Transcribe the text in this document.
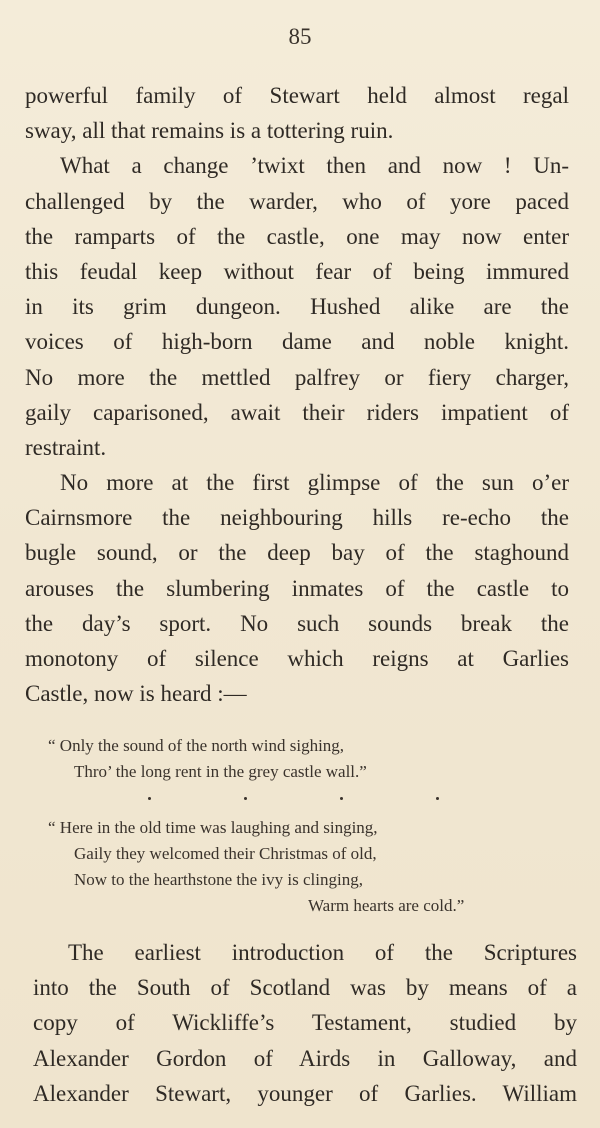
85
powerful family of Stewart held almost regal
sway, all that remains is a tottering ruin.
What a change ’twixt then and now ! Un-
challenged by the warder, who of yore paced
the ramparts of the castle, one may now enter
this feudal keep without fear of being immured
in its grim dungeon. Hushed alike are the
voices of high-born dame and noble knight.
No more the mettled palfrey or fiery charger,
gaily caparisoned, await their riders impatient of
restraint.
No more at the first glimpse of the sun o’er
Cairnsmore the neighbouring hills re-echo the
bugle sound, or the deep bay of the staghound
arouses the slumbering inmates of the castle to
the day’s sport. No such sounds break the
monotony of silence which reigns at Garlies
Castle, now is heard :—
“ Only the sound of the north wind sighing,
Thro’ the long rent in the grey castle wall.”
“ Here in the old time was laughing and singing,
Gaily they welcomed their Christmas of old,
Now to the hearthstone the ivy is clinging,
Warm hearts are cold.”
The earliest introduction of the Scriptures
into the South of Scotland was by means of a
copy of Wickliffe’s Testament, studied by
Alexander Gordon of Airds in Galloway, and
Alexander Stewart, younger of Garlies. William
